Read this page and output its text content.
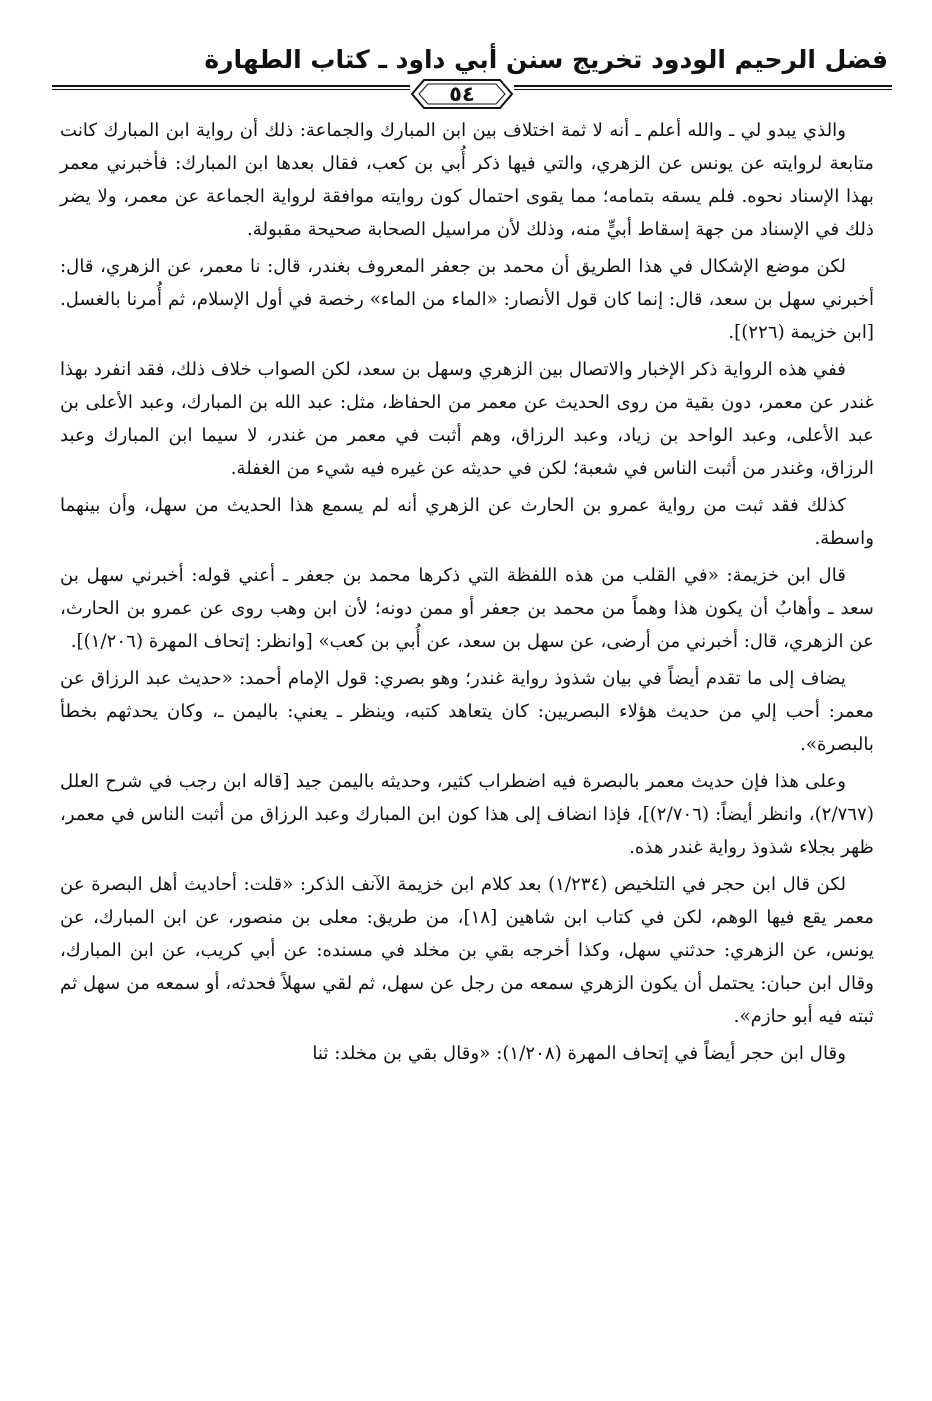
فضل الرحيم الودود تخريج سنن أبي داود ـ كتاب الطهارة
٥٤

والذي يبدو لي ـ والله أعلم ـ أنه لا ثمة اختلاف بين ابن المبارك والجماعة: ذلك أن رواية ابن المبارك كانت متابعة لروايته عن يونس عن الزهري، والتي فيها ذكر أُبي بن كعب، فقال بعدها ابن المبارك: فأخبرني معمر بهذا الإسناد نحوه. فلم يسقه بتمامه؛ مما يقوى احتمال كون روايته موافقة لرواية الجماعة عن معمر، ولا يضر ذلك في الإسناد من جهة إسقاط أبيٍّ منه، وذلك لأن مراسيل الصحابة صحيحة مقبولة.

لكن موضع الإشكال في هذا الطريق أن محمد بن جعفر المعروف بغندر، قال: نا معمر، عن الزهري، قال: أخبرني سهل بن سعد، قال: إنما كان قول الأنصار: «الماء من الماء» رخصة في أول الإسلام، ثم أُمرنا بالغسل. [ابن خزيمة (٢٢٦)].

ففي هذه الرواية ذكر الإخبار والاتصال بين الزهري وسهل بن سعد، لكن الصواب خلاف ذلك، فقد انفرد بهذا غندر عن معمر، دون بقية من روى الحديث عن معمر من الحفاظ، مثل: عبد الله بن المبارك، وعبد الأعلى بن عبد الأعلى، وعبد الواحد بن زياد، وعبد الرزاق، وهم أثبت في معمر من غندر، لا سيما ابن المبارك وعبد الرزاق، وغندر من أثبت الناس في شعبة؛ لكن في حديثه عن غيره فيه شيء من الغفلة.

كذلك فقد ثبت من رواية عمرو بن الحارث عن الزهري أنه لم يسمع هذا الحديث من سهل، وأن بينهما واسطة.

قال ابن خزيمة: «في القلب من هذه اللفظة التي ذكرها محمد بن جعفر ـ أعني قوله: أخبرني سهل بن سعد ـ وأهابُ أن يكون هذا وهماً من محمد بن جعفر أو ممن دونه؛ لأن ابن وهب روى عن عمرو بن الحارث، عن الزهري، قال: أخبرني من أرضى، عن سهل بن سعد، عن أُبي بن كعب» [وانظر: إتحاف المهرة (١/٢٠٦)].

يضاف إلى ما تقدم أيضاً في بيان شذوذ رواية غندر؛ وهو بصري: قول الإمام أحمد: «حديث عبد الرزاق عن معمر: أحب إلي من حديث هؤلاء البصريين: كان يتعاهد كتبه، وينظر ـ يعني: باليمن ـ، وكان يحدثهم بخطأ بالبصرة».

وعلى هذا فإن حديث معمر بالبصرة فيه اضطراب كثير، وحديثه باليمن جيد [قاله ابن رجب في شرح العلل (٢/٧٦٧)، وانظر أيضاً: (٢/٧٠٦)]، فإذا انضاف إلى هذا كون ابن المبارك وعبد الرزاق من أثبت الناس في معمر، ظهر بجلاء شذوذ رواية غندر هذه.

لكن قال ابن حجر في التلخيص (١/٢٣٤) بعد كلام ابن خزيمة الآنف الذكر: «قلت: أحاديث أهل البصرة عن معمر يقع فيها الوهم، لكن في كتاب ابن شاهين [١٨]، من طريق: معلى بن منصور، عن ابن المبارك، عن يونس، عن الزهري: حدثني سهل، وكذا أخرجه بقي بن مخلد في مسنده: عن أبي كريب، عن ابن المبارك، وقال ابن حبان: يحتمل أن يكون الزهري سمعه من رجل عن سهل، ثم لقي سهلاً فحدثه، أو سمعه من سهل ثم ثبته فيه أبو حازم».

وقال ابن حجر أيضاً في إتحاف المهرة (١/٢٠٨): «وقال بقي بن مخلد: ثنا
